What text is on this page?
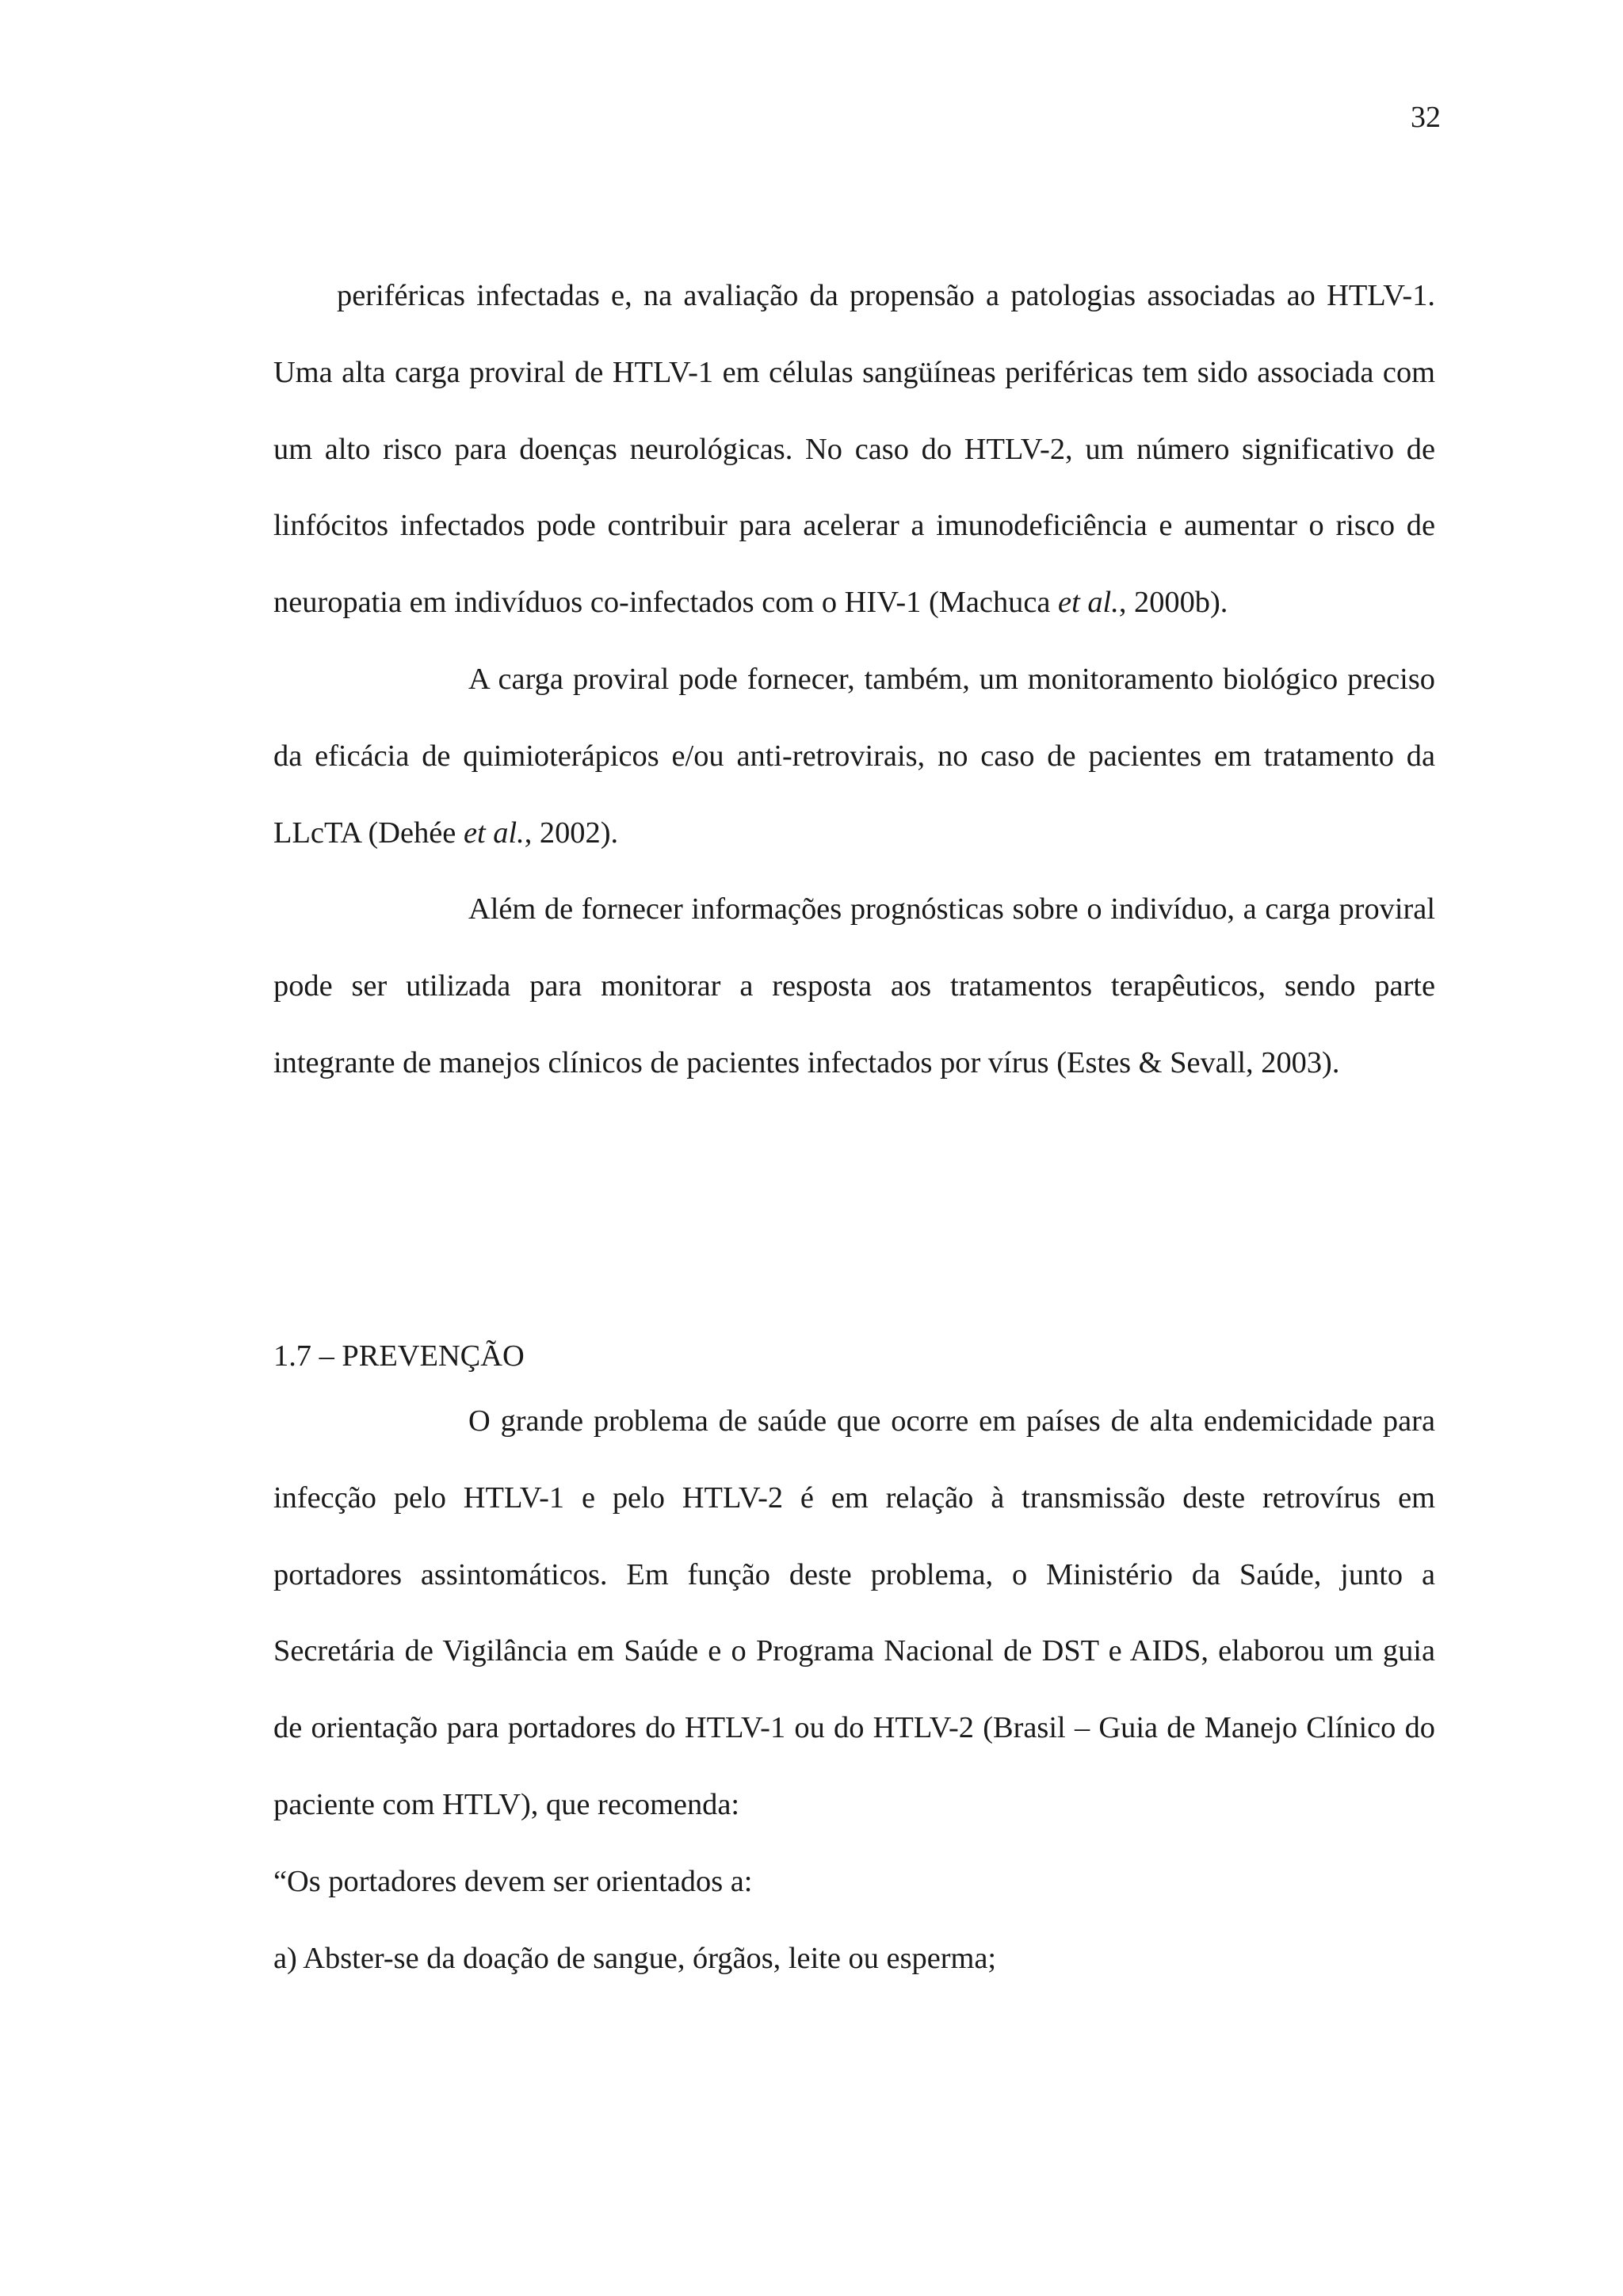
32

periféricas infectadas e, na avaliação da propensão a patologias associadas ao HTLV-1. Uma alta carga proviral de HTLV-1 em células sangüíneas periféricas tem sido associada com um alto risco para doenças neurológicas. No caso do HTLV-2, um número significativo de linfócitos infectados pode contribuir para acelerar a imunodeficiência e aumentar o risco de neuropatia em indivíduos co-infectados com o HIV-1 (Machuca et al., 2000b).

A carga proviral pode fornecer, também, um monitoramento biológico preciso da eficácia de quimioterápicos e/ou anti-retrovirais, no caso de pacientes em tratamento da LLcTA (Dehée et al., 2002).

Além de fornecer informações prognósticas sobre o indivíduo, a carga proviral pode ser utilizada para monitorar a resposta aos tratamentos terapêuticos, sendo parte integrante de manejos clínicos de pacientes infectados por vírus (Estes & Sevall, 2003).

1.7 – PREVENÇÃO

O grande problema de saúde que ocorre em países de alta endemicidade para infecção pelo HTLV-1 e pelo HTLV-2 é em relação à transmissão deste retrovírus em portadores assintomáticos. Em função deste problema, o Ministério da Saúde, junto a Secretária de Vigilância em Saúde e o Programa Nacional de DST e AIDS, elaborou um guia de orientação para portadores do HTLV-1 ou do HTLV-2 (Brasil – Guia de Manejo Clínico do paciente com HTLV), que recomenda:

“Os portadores devem ser orientados a:

a) Abster-se da doação de sangue, órgãos, leite ou esperma;
